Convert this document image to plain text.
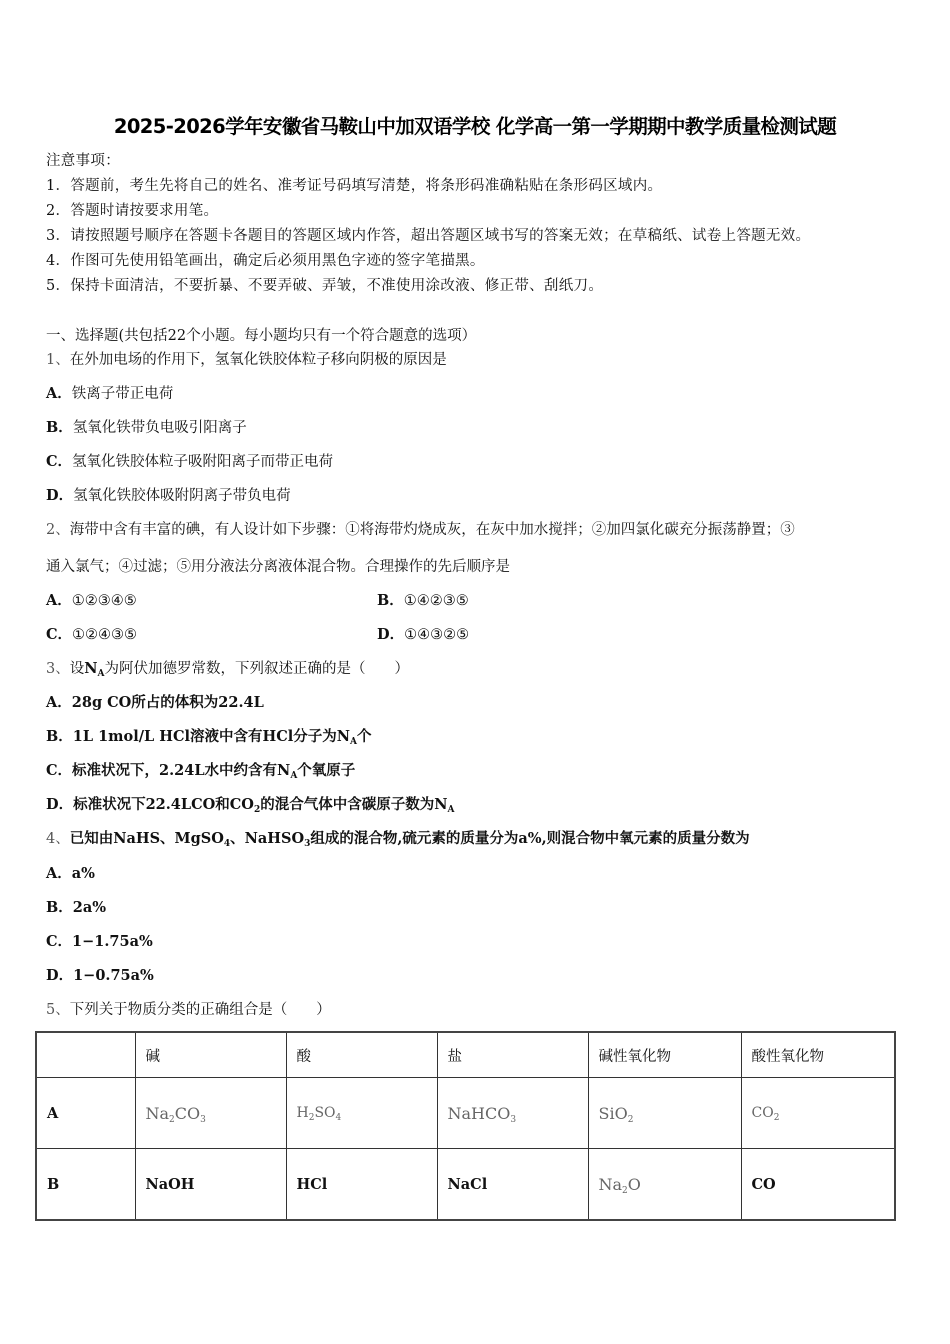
2025-2026学年安徽省马鞍山中加双语学校 化学高一第一学期期中教学质量检测试题
注意事项：
1．答题前，考生先将自己的姓名、准考证号码填写清楚，将条形码准确粘贴在条形码区域内。
2．答题时请按要求用笔。
3．请按照题号顺序在答题卡各题目的答题区域内作答，超出答题区域书写的答案无效；在草稿纸、试卷上答题无效。
4．作图可先使用铅笔画出，确定后必须用黑色字迹的签字笔描黑。
5．保持卡面清洁，不要折暴、不要弄破、弄皱，不准使用涂改液、修正带、刮纸刀。
一、选择题(共包括22个小题。每小题均只有一个符合题意的选项）
1、在外加电场的作用下，氢氧化铁胶体粒子移向阴极的原因是
A．铁离子带正电荷
B．氢氧化铁带负电吸引阳离子
C．氢氧化铁胶体粒子吸附阳离子而带正电荷
D．氢氧化铁胶体吸附阴离子带负电荷
2、海带中含有丰富的碘，有人设计如下步骤：①将海带灼烧成灰，在灰中加水搅拌；②加四氯化碳充分振荡静置；③
通入氯气；④过滤；⑤用分液法分离液体混合物。合理操作的先后顺序是
A．①②③④⑤	B．①④②③⑤
C．①②④③⑤	D．①④③②⑤
3、设$N_A$为阿伏加德罗常数，下列叙述正确的是（　　）
A．28g CO所占的体积为22.4L
B．1L 1mol/L HCl溶液中含有HCl分子为$N_A$个
C．标准状况下，2.24L水中约含有$N_A$个氧原子
D．标准状况下22.4LCO和$CO_2$的混合气体中含碳原子数为$N_A$
4、已知由NaHS、MgSO$_4$、NaHSO$_3$组成的混合物,硫元素的质量分为a%,则混合物中氧元素的质量分数为
A．a%
B．2a%
C．1−1.75a%
D．1−0.75a%
5、下列关于物质分类的正确组合是（　　）
	碱	酸	盐	碱性氧化物	酸性氧化物
A	$Na_2CO_3$	$H_2SO_4$	NaHCO$_3$	SiO$_2$	$CO_2$
B	NaOH	HCl	NaCl	$Na_2O$	CO
